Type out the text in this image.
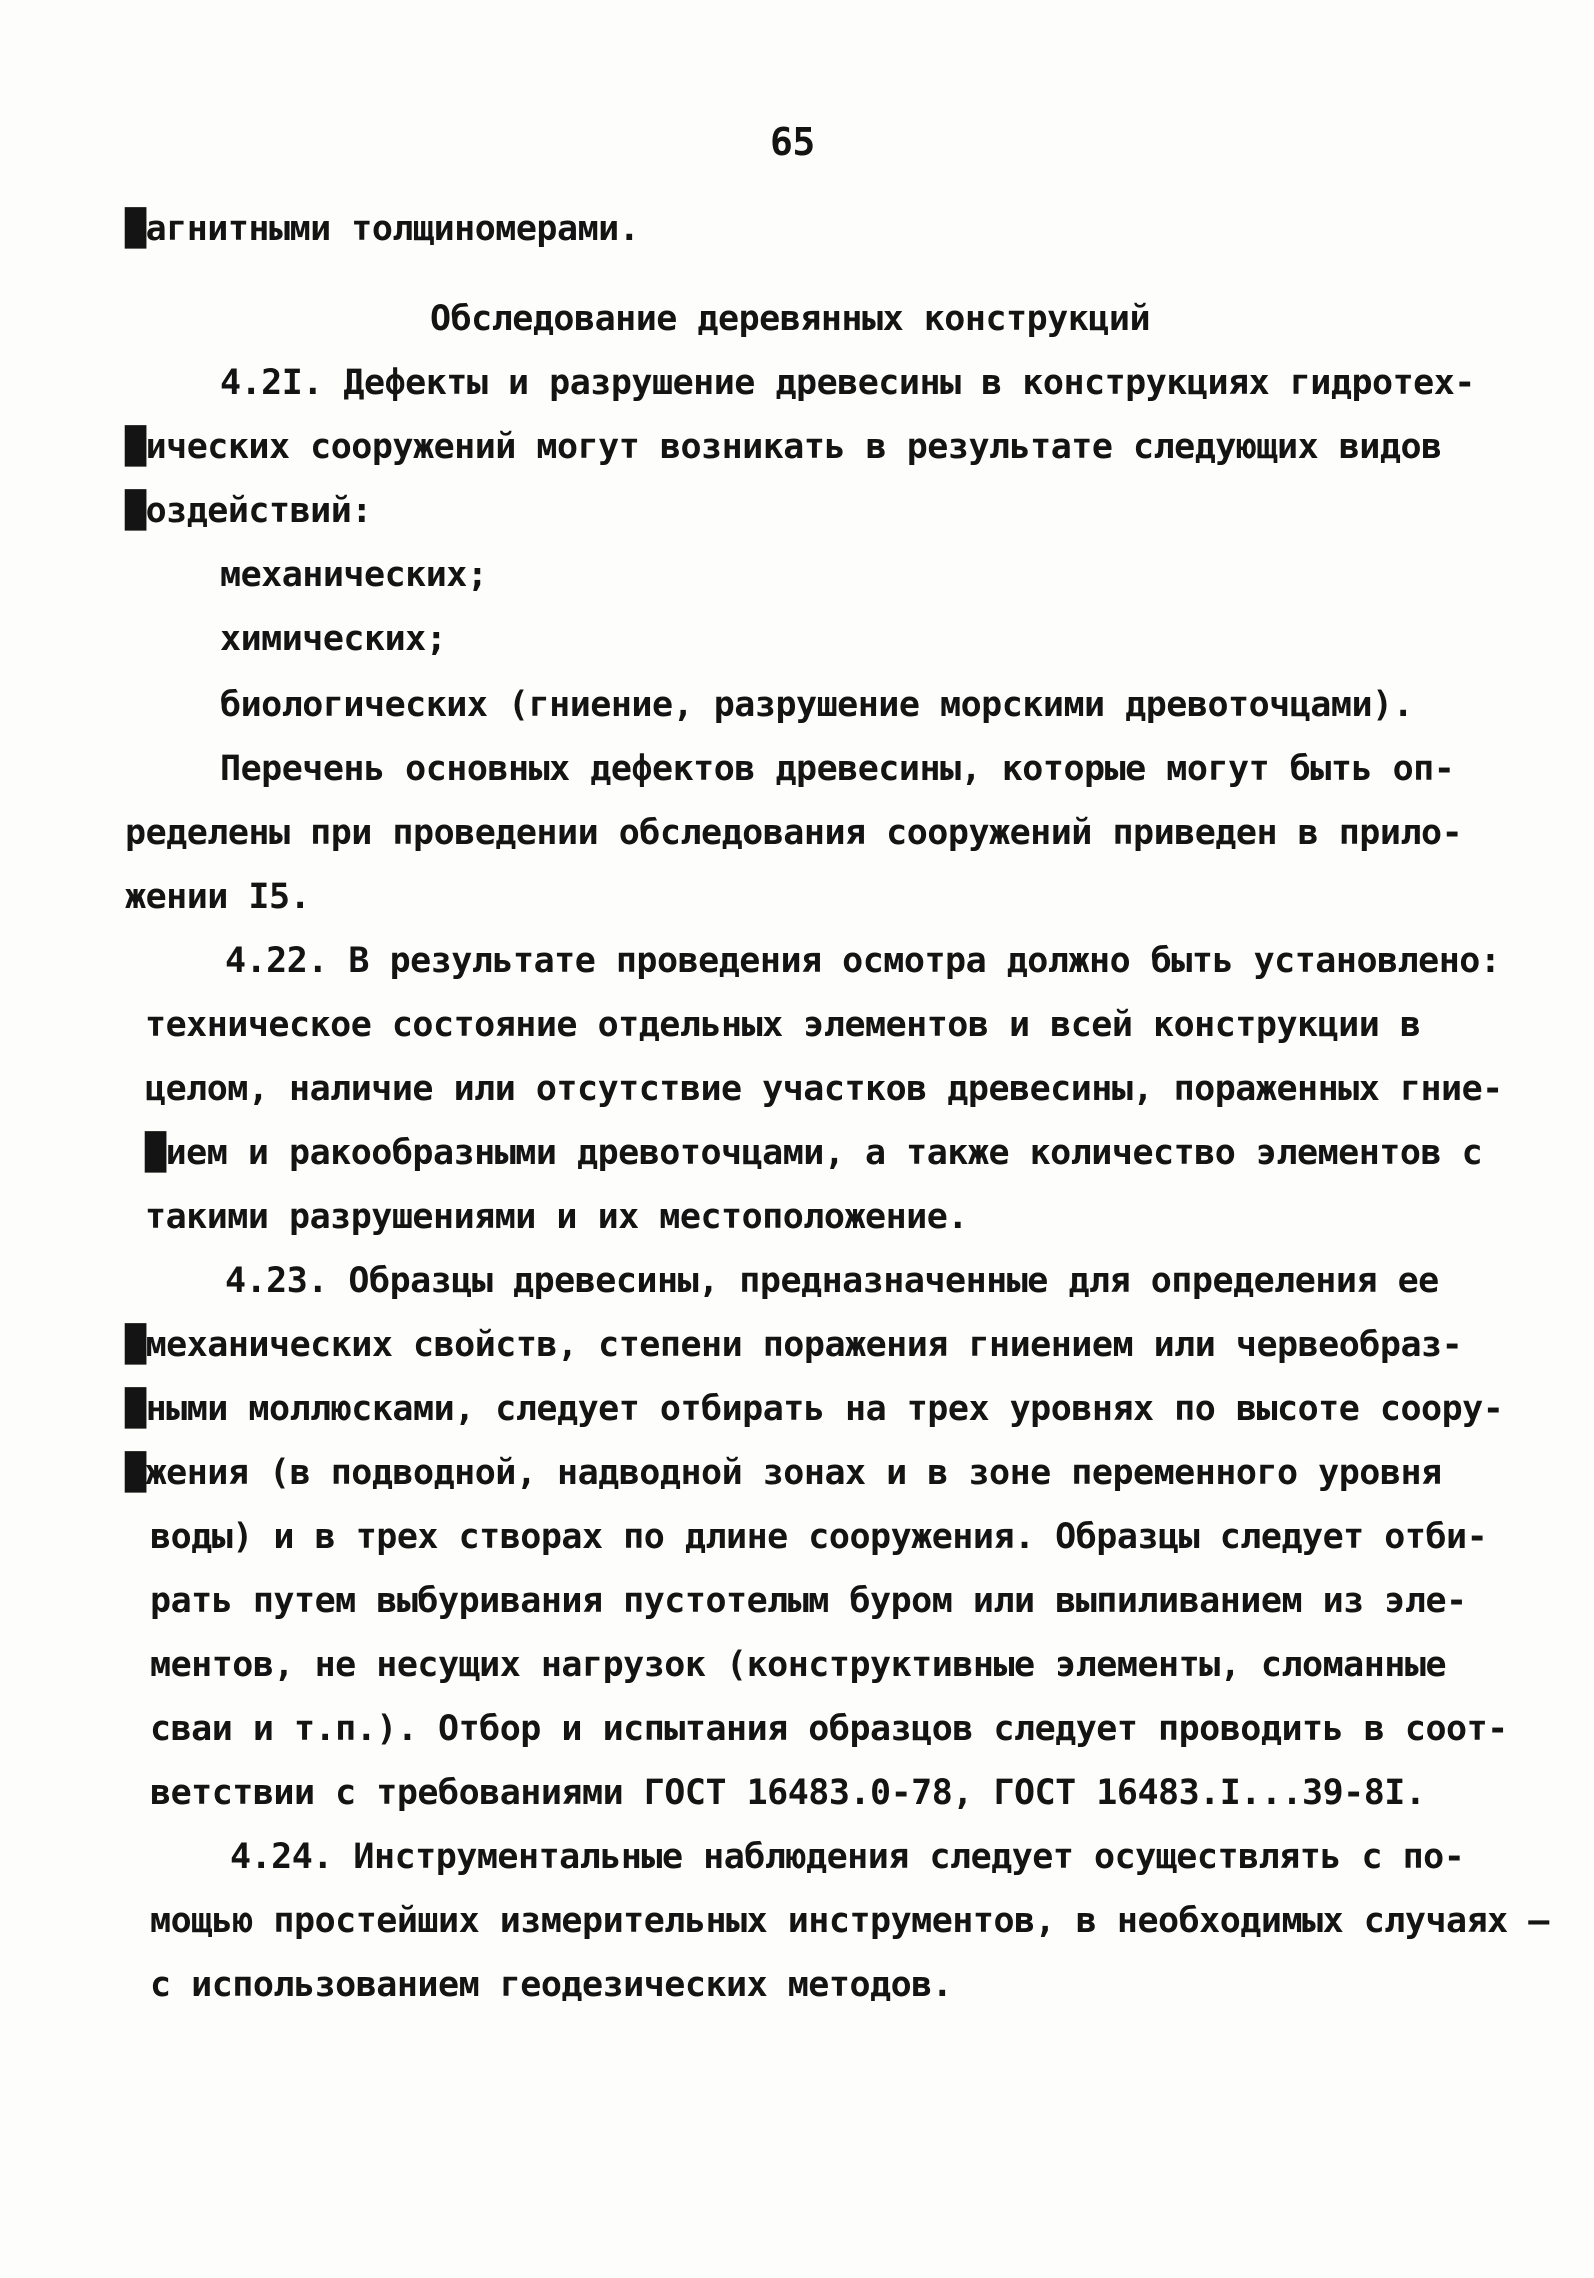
65
█агнитными толщиномерами.
Обследование деревянных конструкций
4.2I. Дефекты и разрушение древесины в конструкциях гидротех-
█ических сооружений могут возникать в результате следующих видов
█оздействий:
механических;
химических;
биологических (гниение, разрушение морскими древоточцами).
Перечень основных дефектов древесины, которые могут быть оп-
ределены при проведении обследования сооружений приведен в прило-
жении I5.
4.22. В результате проведения осмотра должно быть установлено:
техническое состояние отдельных элементов и всей конструкции в
целом, наличие или отсутствие участков древесины, пораженных гние-
█ием и ракообразными древоточцами, а также количество элементов с
такими разрушениями и их местоположение.
4.23. Образцы древесины, предназначенные для определения ее
█механических свойств, степени поражения гниением или червеобраз-
█ными моллюсками, следует отбирать на трех уровнях по высоте соору-
█жения (в подводной, надводной зонах и в зоне переменного уровня
воды) и в трех створах по длине сооружения. Образцы следует отби-
рать путем выбуривания пустотелым буром или выпиливанием из эле-
ментов, не несущих нагрузок (конструктивные элементы, сломанные
сваи и т.п.). Отбор и испытания образцов следует проводить в соот-
ветствии с требованиями ГОСТ 16483.0-78, ГОСТ 16483.I...39-8I.
4.24. Инструментальные наблюдения следует осуществлять с по-
мощью простейших измерительных инструментов, в необходимых случаях –
с использованием геодезических методов.
